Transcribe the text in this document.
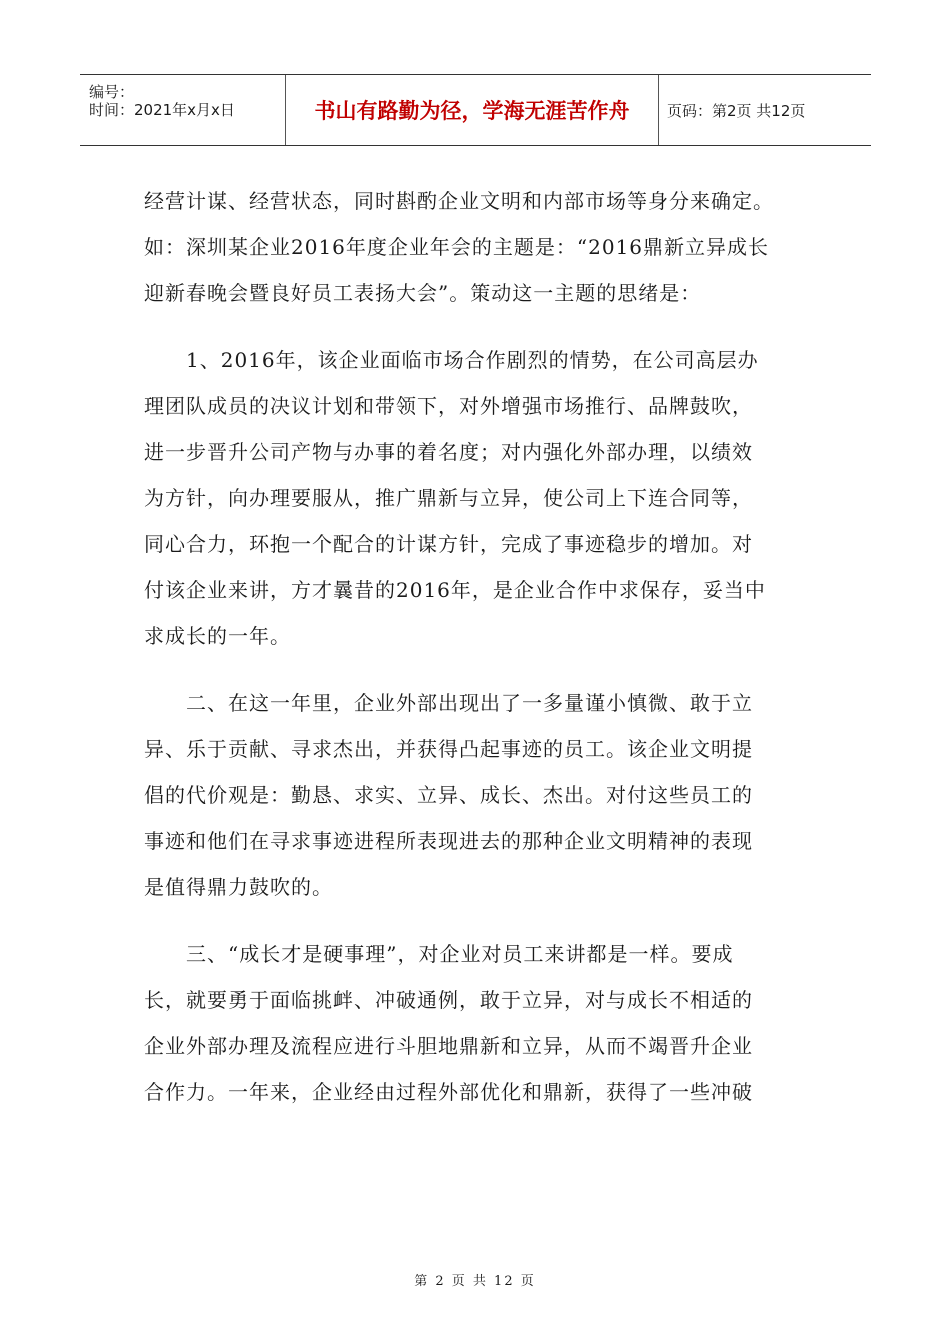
编号：
时间：2021年x月x日	书山有路勤为径，学海无涯苦作舟	页码：第2页 共12页
经营计谋、经营状态，同时斟酌企业文明和内部市场等身分来确定。
如：深圳某企业2016年度企业年会的主题是：“2016鼎新立异成长
迎新春晚会暨良好员工表扬大会”。策动这一主题的思绪是：
1、2016年，该企业面临市场合作剧烈的情势，在公司高层办
理团队成员的决议计划和带领下，对外增强市场推行、品牌鼓吹，
进一步晋升公司产物与办事的着名度；对内强化外部办理，以绩效
为方针，向办理要服从，推广鼎新与立异，使公司上下连合同等，
同心合力，环抱一个配合的计谋方针，完成了事迹稳步的增加。对
付该企业来讲，方才曩昔的2016年，是企业合作中求保存，妥当中
求成长的一年。
二、在这一年里，企业外部出现出了一多量谨小慎微、敢于立
异、乐于贡献、寻求杰出，并获得凸起事迹的员工。该企业文明提
倡的代价观是：勤恳、求实、立异、成长、杰出。对付这些员工的
事迹和他们在寻求事迹进程所表现进去的那种企业文明精神的表现
是值得鼎力鼓吹的。
三、“成长才是硬事理”，对企业对员工来讲都是一样。要成
长，就要勇于面临挑衅、冲破通例，敢于立异，对与成长不相适的
企业外部办理及流程应进行斗胆地鼎新和立异，从而不竭晋升企业
合作力。一年来，企业经由过程外部优化和鼎新，获得了一些冲破
第 2 页 共 12 页
